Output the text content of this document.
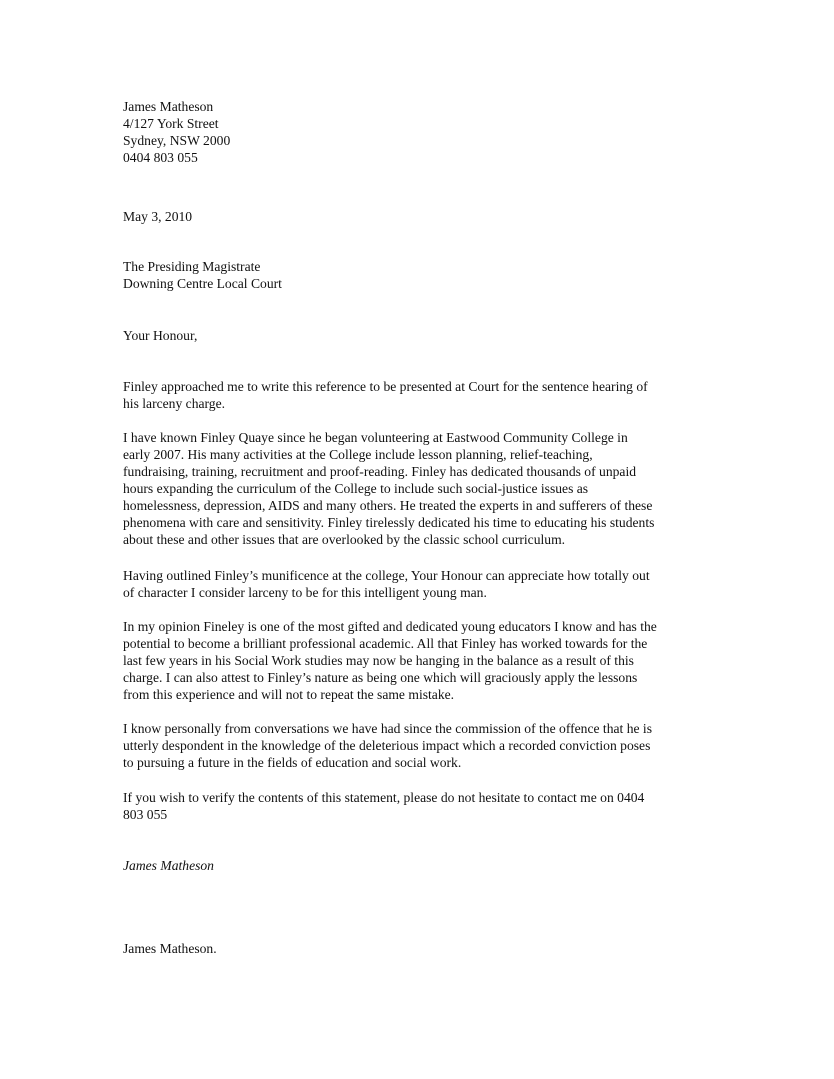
James Matheson
4/127 York Street
Sydney, NSW 2000
0404 803 055
May 3, 2010
The Presiding Magistrate
Downing Centre Local Court
Your Honour,
Finley approached me to write this reference to be presented at Court for the sentence hearing of
his larceny charge.
I have known Finley Quaye since he began volunteering at Eastwood Community College in
early 2007. His many activities at the College include lesson planning, relief-teaching,
fundraising, training, recruitment and proof-reading. Finley has dedicated thousands of unpaid
hours expanding the curriculum of the College to include such social-justice issues as
homelessness, depression, AIDS and many others. He treated the experts in and sufferers of these
phenomena with care and sensitivity. Finley tirelessly dedicated his time to educating his students
about these and other issues that are overlooked by the classic school curriculum.
Having outlined Finley’s munificence at the college, Your Honour can appreciate how totally out
of character I consider larceny to be for this intelligent young man.
In my opinion Fineley is one of the most gifted and dedicated young educators I know and has the
potential to become a brilliant professional academic. All that Finley has worked towards for the
last few years in his Social Work studies may now be hanging in the balance as a result of this
charge. I can also attest to Finley’s nature as being one which will graciously apply the lessons
from this experience and will not to repeat the same mistake.
I know personally from conversations we have had since the commission of the offence that he is
utterly despondent in the knowledge of the deleterious impact which a recorded conviction poses
to pursuing a future in the fields of education and social work.
If you wish to verify the contents of this statement, please do not hesitate to contact me on 0404
803 055
James Matheson
James Matheson.
